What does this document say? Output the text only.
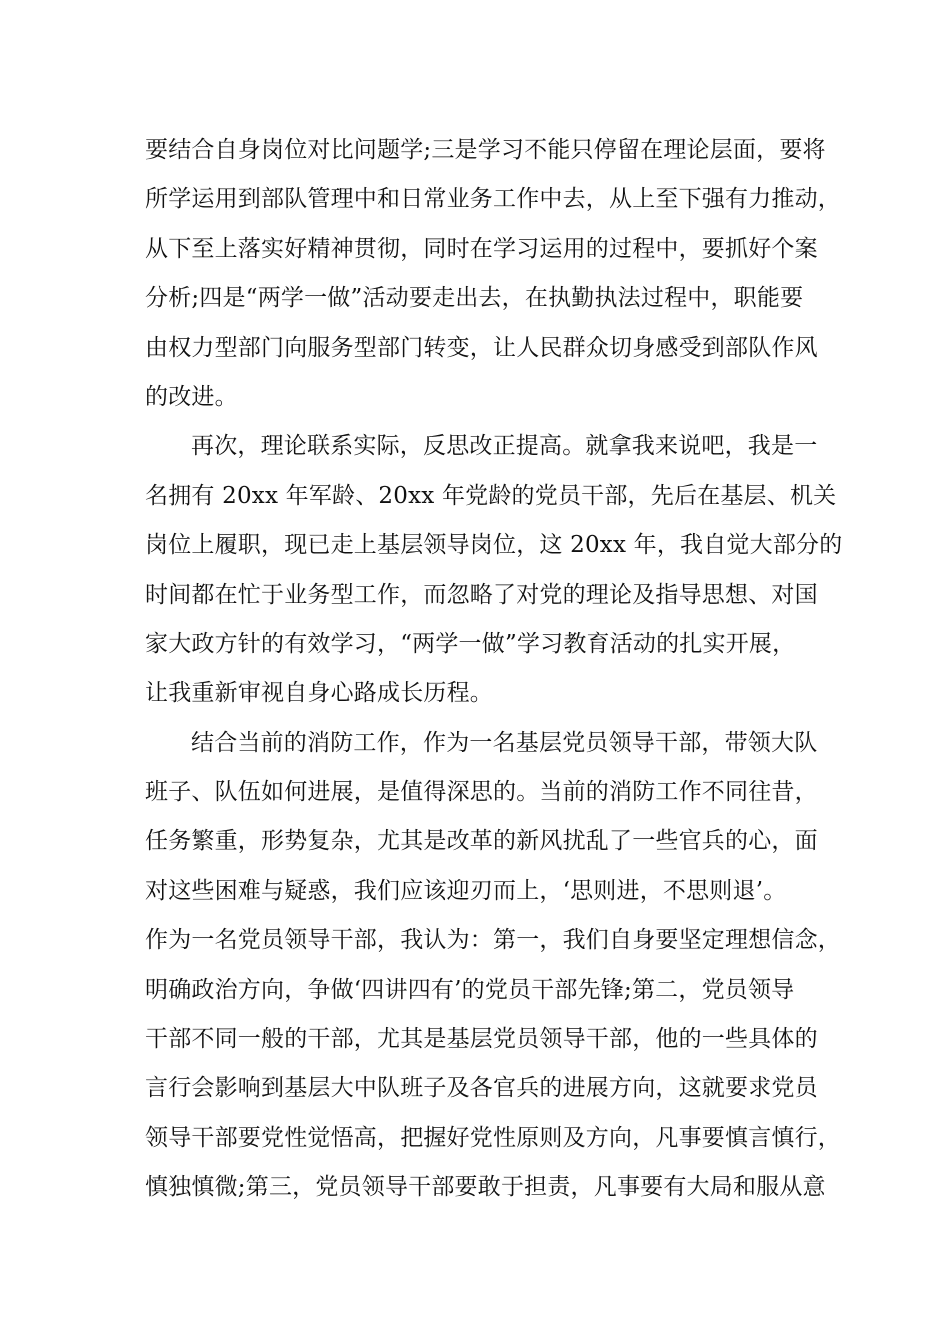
要结合自身岗位对比问题学;三是学习不能只停留在理论层面，要将
所学运用到部队管理中和日常业务工作中去，从上至下强有力推动，
从下至上落实好精神贯彻，同时在学习运用的过程中，要抓好个案
分析;四是“两学一做”活动要走出去，在执勤执法过程中，职能要
由权力型部门向服务型部门转变，让人民群众切身感受到部队作风
的改进。
再次，理论联系实际，反思改正提高。就拿我来说吧，我是一
名拥有 20xx 年军龄、20xx 年党龄的党员干部，先后在基层、机关
岗位上履职，现已走上基层领导岗位，这 20xx 年，我自觉大部分的
时间都在忙于业务型工作，而忽略了对党的理论及指导思想、对国
家大政方针的有效学习，“两学一做”学习教育活动的扎实开展，
让我重新审视自身心路成长历程。
结合当前的消防工作，作为一名基层党员领导干部，带领大队
班子、队伍如何进展，是值得深思的。当前的消防工作不同往昔，
任务繁重，形势复杂，尤其是改革的新风扰乱了一些官兵的心，面
对这些困难与疑惑，我们应该迎刃而上，‘思则进，不思则退’。
作为一名党员领导干部，我认为：第一，我们自身要坚定理想信念，
明确政治方向，争做‘四讲四有’的党员干部先锋;第二，党员领导
干部不同一般的干部，尤其是基层党员领导干部，他的一些具体的
言行会影响到基层大中队班子及各官兵的进展方向，这就要求党员
领导干部要党性觉悟高，把握好党性原则及方向，凡事要慎言慎行，
慎独慎微;第三，党员领导干部要敢于担责，凡事要有大局和服从意
